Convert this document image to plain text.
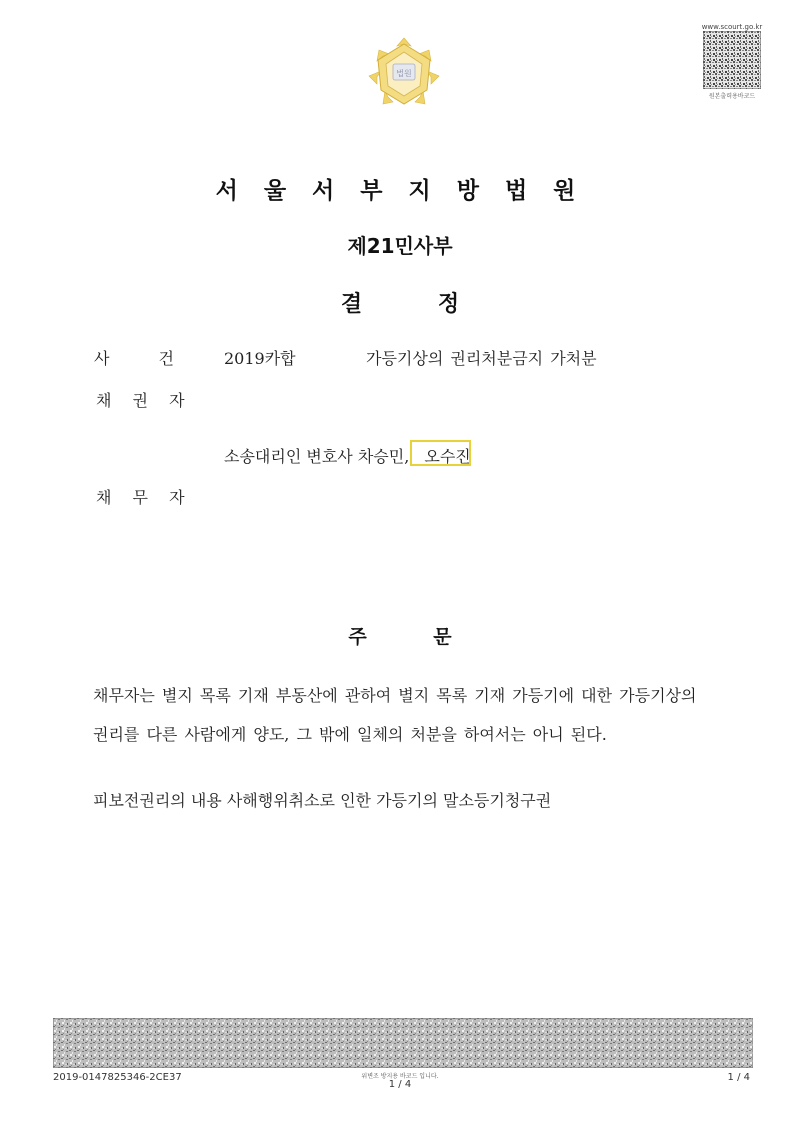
법원
www.scourt.go.kr
원본출력용바코드
서 울 서 부 지 방 법 원
제21민사부
결 정
사 건	2019카합	가등기상의 권리처분금지 가처분
채 권 자
소송대리인 변호사 차승민, 오수진
채 무 자
주 문
채무자는 별지 목록 기재 부동산에 관하여 별지 목록 기재 가등기에 대한 가등기상의
권리를 다른 사람에게 양도, 그 밖에 일체의 처분을 하여서는 아니 된다.
피보전권리의 내용 사해행위취소로 인한 가등기의 말소등기청구권
2019-0147825346-2CE37	위변조 방지용 바코드 입니다.
1 / 4
1 / 4
